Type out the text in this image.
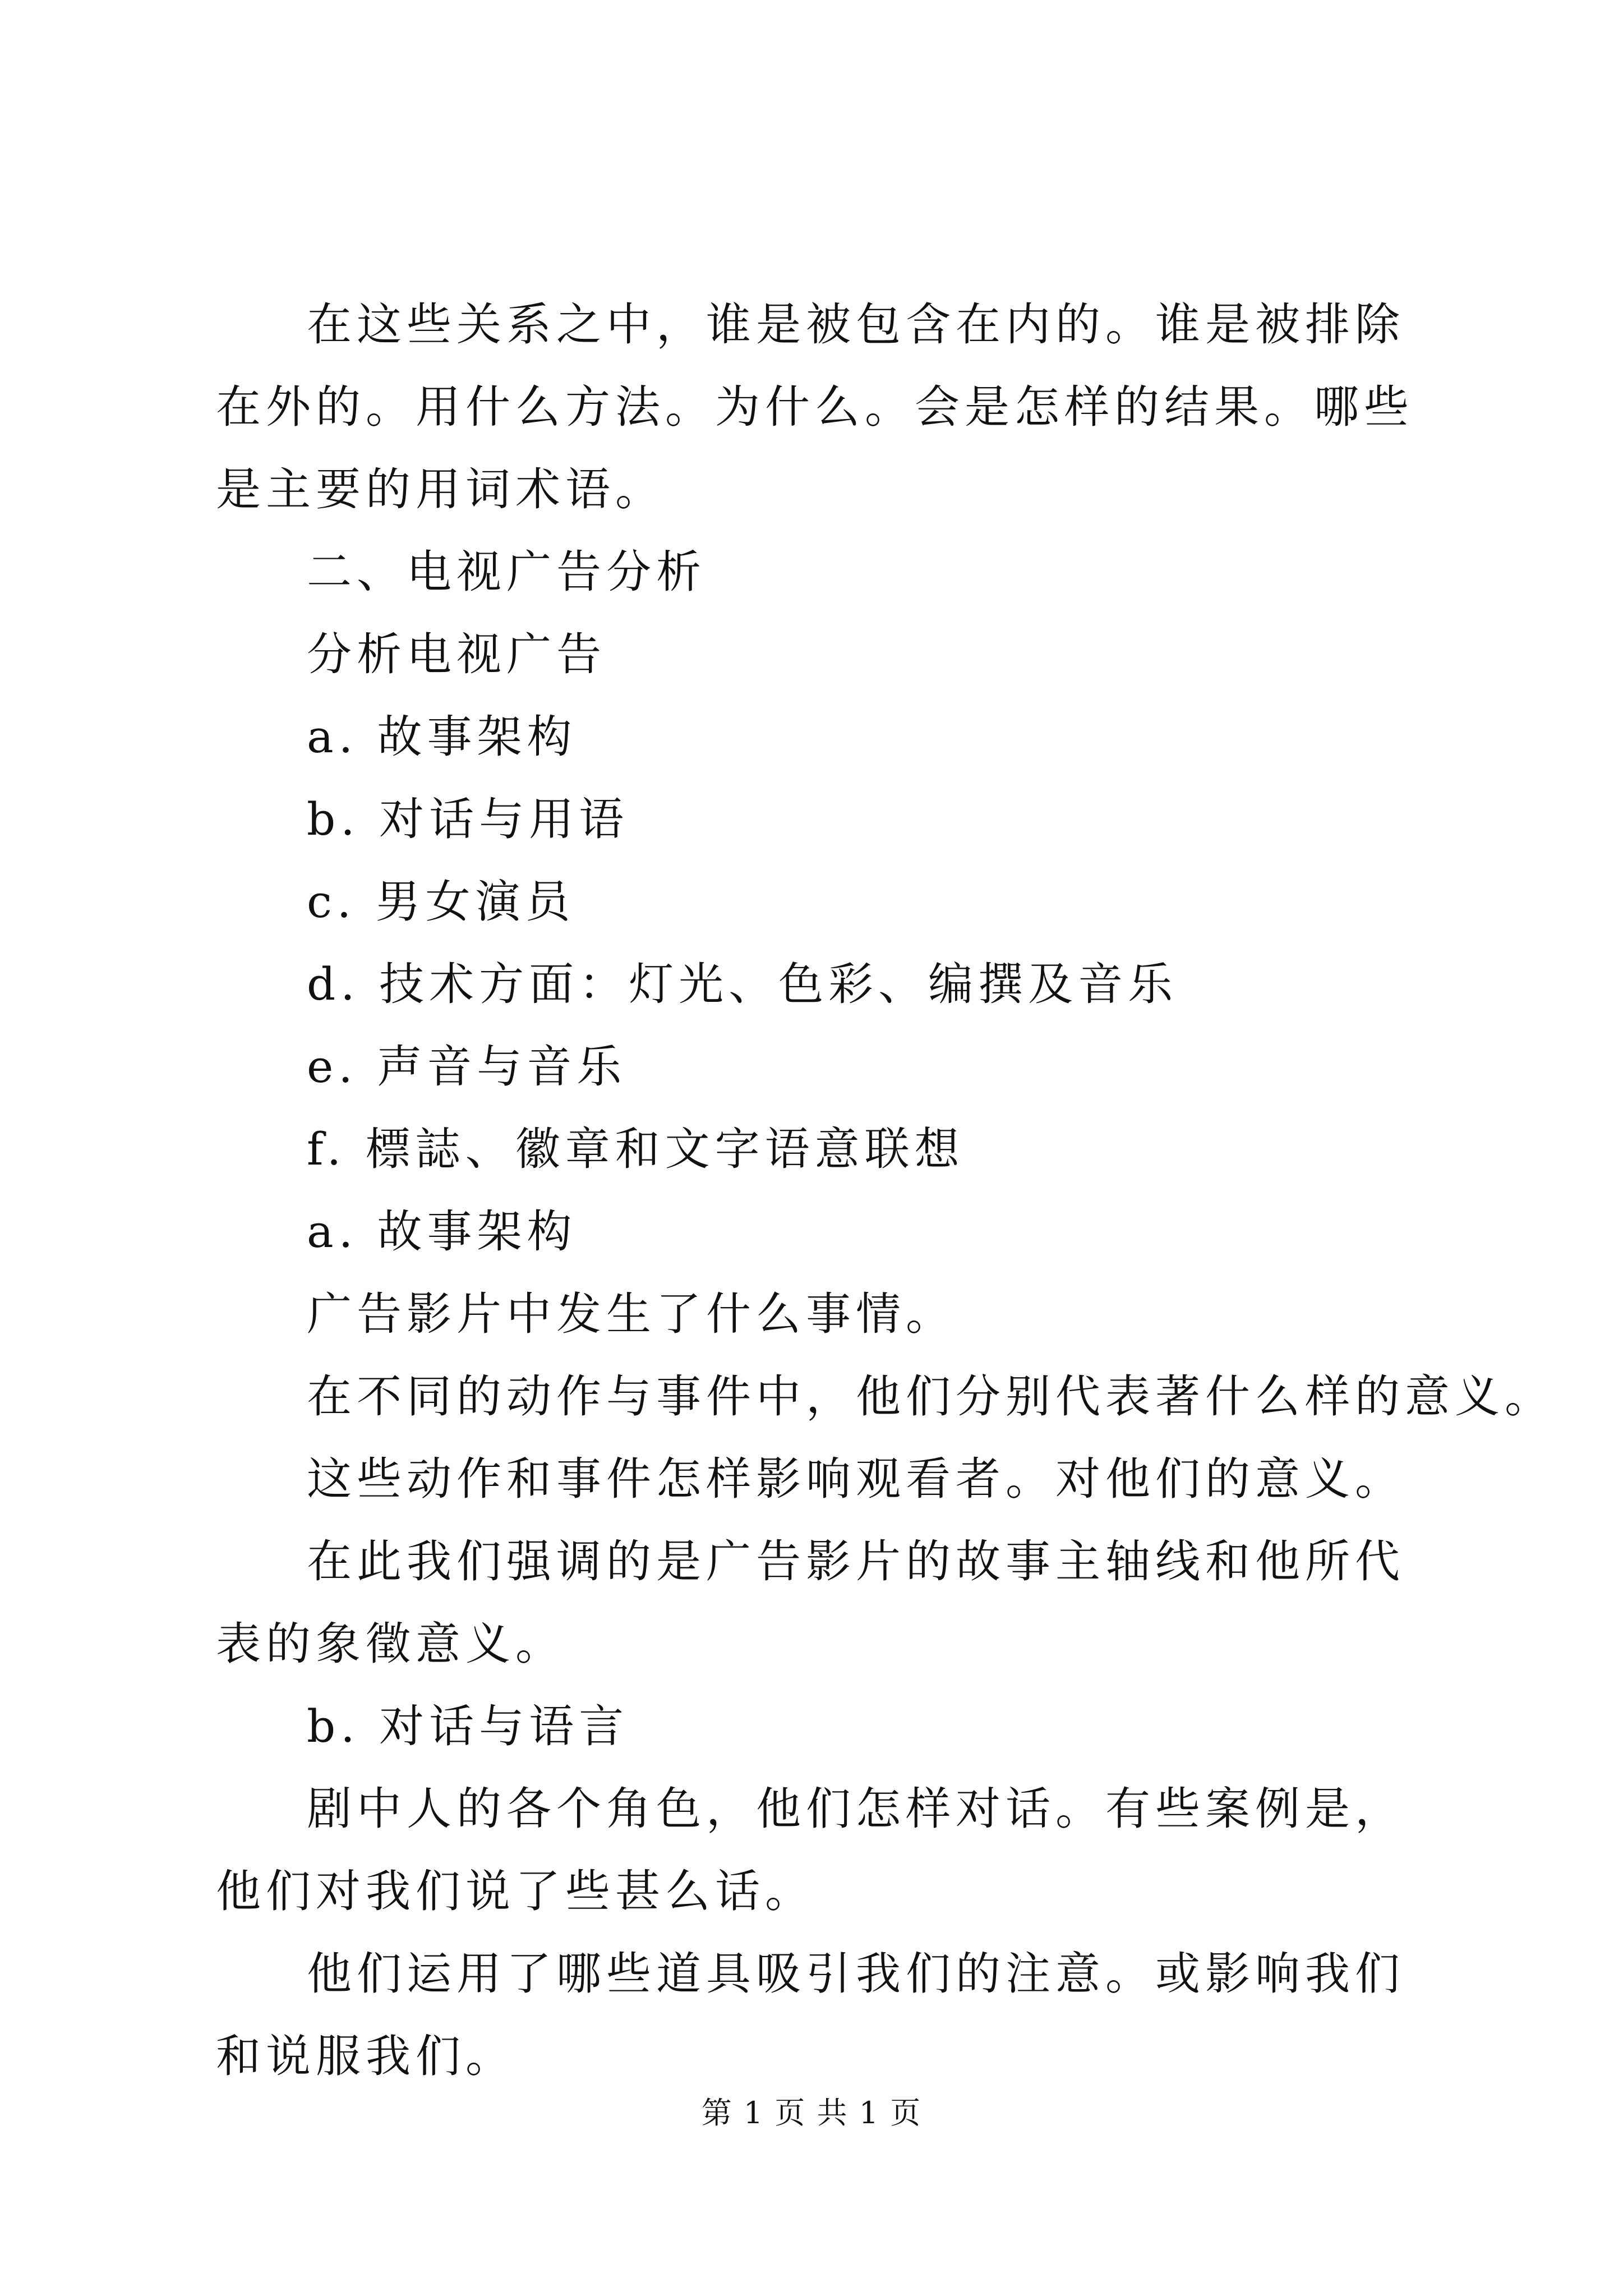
在这些关系之中，谁是被包含在内的。谁是被排除在外的。用什么方法。为什么。会是怎样的结果。哪些是主要的用词术语。

二、电视广告分析

分析电视广告

a. 故事架构

b. 对话与用语

c. 男女演员

d. 技术方面：灯光、色彩、编撰及音乐

e. 声音与音乐

f. 標誌、徽章和文字语意联想

a. 故事架构

广告影片中发生了什么事情。

在不同的动作与事件中，他们分别代表著什么样的意义。

这些动作和事件怎样影响观看者。对他们的意义。

在此我们强调的是广告影片的故事主轴线和他所代表的象徵意义。

b. 对话与语言

剧中人的各个角色，他们怎样对话。有些案例是，他们对我们说了些甚么话。

他们运用了哪些道具吸引我们的注意。或影响我们和说服我们。

第 1 页 共 1 页
